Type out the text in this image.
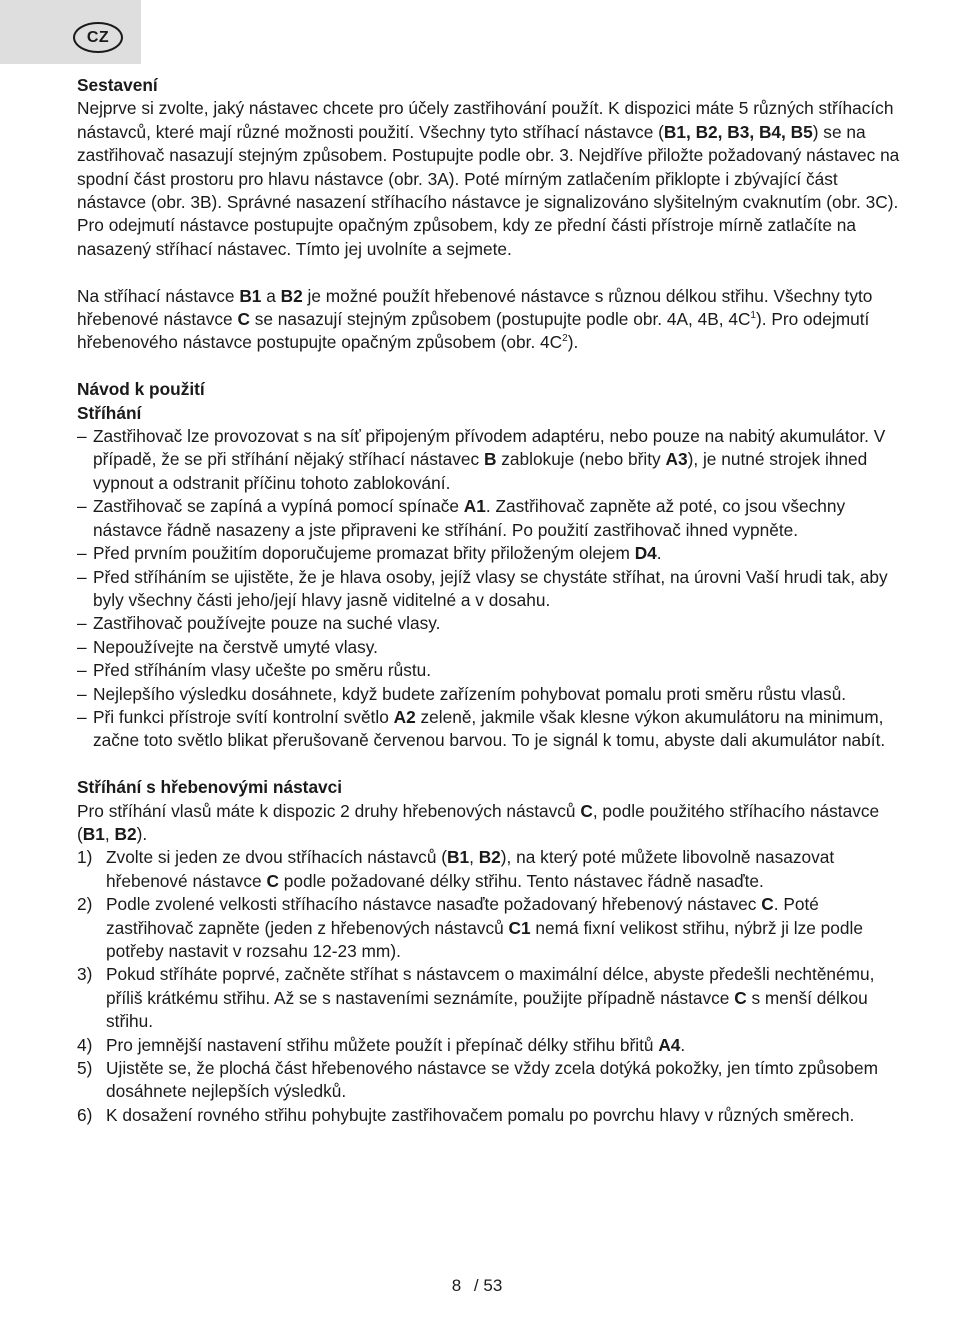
CZ

Sestavení

Nejprve si zvolte, jaký nástavec chcete pro účely zastřihování použít. K dispozici máte 5 různých stříhacích nástavců, které mají různé možnosti použití. Všechny tyto stříhací nástavce (B1, B2, B3, B4, B5) se na zastřihovač nasazují stejným způsobem. Postupujte podle obr. 3. Nejdříve přiložte požadovaný nástavec na spodní část prostoru pro hlavu nástavce (obr. 3A). Poté mírným zatlačením přiklopte i zbývající část nástavce (obr. 3B). Správné nasazení stříhacího nástavce je signalizováno slyšitelným cvaknutím (obr. 3C). Pro odejmutí nástavce postupujte opačným způsobem, kdy ze přední části přístroje mírně zatlačíte na nasazený stříhací nástavec. Tímto jej uvolníte a sejmete.

Na stříhací nástavce B1 a B2 je možné použít hřebenové nástavce s různou délkou střihu. Všechny tyto hřebenové nástavce C se nasazují stejným způsobem (postupujte podle obr. 4A, 4B, $4C^1$). Pro odejmutí hřebenového nástavce postupujte opačným způsobem (obr. $4C^2$).

Návod k použití

Stříhání

– Zastřihovač lze provozovat s na síť připojeným přívodem adaptéru, nebo pouze na nabitý akumulátor. V případě, že se při stříhání nějaký stříhací nástavec B zablokuje (nebo břity A3), je nutné strojek ihned vypnout a odstranit příčinu tohoto zablokování.

– Zastřihovač se zapíná a vypíná pomocí spínače A1. Zastřihovač zapněte až poté, co jsou všechny nástavce řádně nasazeny a jste připraveni ke stříhání. Po použití zastřihovač ihned vypněte.

– Před prvním použitím doporučujeme promazat břity přiloženým olejem D4.

– Před stříháním se ujistěte, že je hlava osoby, jejíž vlasy se chystáte stříhat, na úrovni Vaší hrudi tak, aby byly všechny části jeho/její hlavy jasně viditelné a v dosahu.

– Zastřihovač používejte pouze na suché vlasy.

– Nepoužívejte na čerstvě umyté vlasy.

– Před stříháním vlasy učešte po směru růstu.

– Nejlepšího výsledku dosáhnete, když budete zařízením pohybovat pomalu proti směru růstu vlasů.

– Při funkci přístroje svítí kontrolní světlo A2 zeleně, jakmile však klesne výkon akumulátoru na minimum, začne toto světlo blikat přerušovaně červenou barvou. To je signál k tomu, abyste dali akumulátor nabít.

Stříhání s hřebenovými nástavci

Pro stříhání vlasů máte k dispozic 2 druhy hřebenových nástavců C, podle použitého stříhacího nástavce (B1, B2).

1) Zvolte si jeden ze dvou stříhacích nástavců (B1, B2), na který poté můžete libovolně nasazovat hřebenové nástavce C podle požadované délky střihu. Tento nástavec řádně nasaďte.

2) Podle zvolené velkosti stříhacího nástavce nasaďte požadovaný hřebenový nástavec C. Poté zastřihovač zapněte (jeden z hřebenových nástavců C1 nemá fixní velikost střihu, nýbrž ji lze podle potřeby nastavit v rozsahu 12-23 mm).

3) Pokud stříháte poprvé, začněte stříhat s nástavcem o maximální délce, abyste předešli nechtěnému, příliš krátkému střihu. Až se s nastaveními seznámíte, použijte případně nástavce C s menší délkou střihu.

4) Pro jemnější nastavení střihu můžete použít i přepínač délky střihu břitů A4.

5) Ujistěte se, že plochá část hřebenového nástavce se vždy zcela dotýká pokožky, jen tímto způsobem dosáhnete nejlepších výsledků.

6) K dosažení rovného střihu pohybujte zastřihovačem pomalu po povrchu hlavy v různých směrech.

8 / 53
